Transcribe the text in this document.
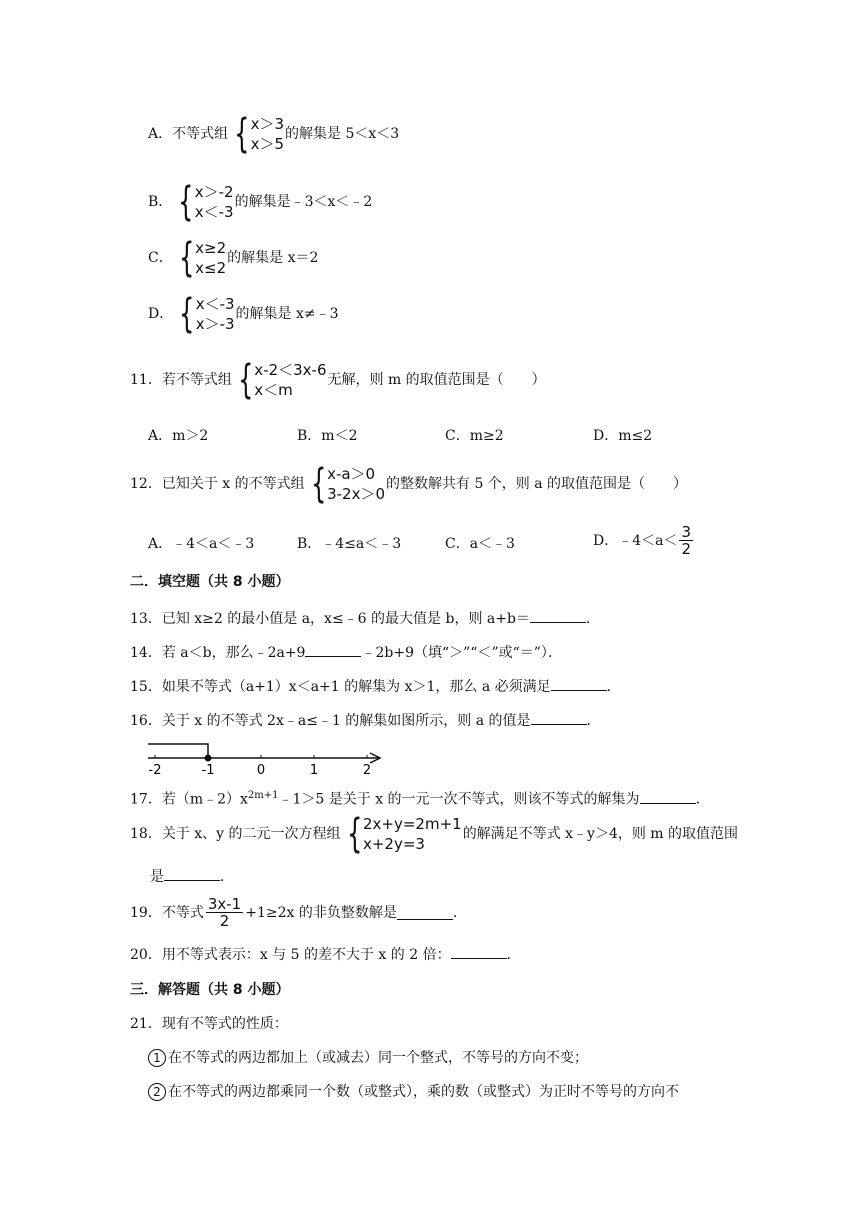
A．不等式组 { x＞3
x＞5
的解集是 5＜x＜3
B． { x＞-2
x＜-3
的解集是﹣3＜x＜﹣2
C． { x≥2
x≤2
的解集是 x＝2
D． { x＜-3
x＞-3
的解集是 x≠﹣3
11．若不等式组 { x-2＜3x-6
x＜m
无解，则 m 的取值范围是（　　）
A．m＞2	B．m＜2	C．m≥2	D．m≤2
12．已知关于 x 的不等式组 { x-a＞0
3-2x＞0
的整数解共有 5 个，则 a 的取值范围是（　　）
A．﹣4＜a＜﹣3	B．﹣4≤a＜﹣3	C．a＜﹣3	D．﹣4＜a＜ $\frac{3}{2}$
二．填空题（共 8 小题）
13．已知 x≥2 的最小值是 a，x≤﹣6 的最大值是 b，则 a+b＝	．
14．若 a＜b，那么﹣2a+9	﹣2b+9（填“＞”“＜”或“＝”）．
15．如果不等式（a+1）x＜a+1 的解集为 x＞1，那么 a 必须满足	．
16．关于 x 的不等式 2x﹣a≤﹣1 的解集如图所示，则 a 的值是	．
-2	-1	0	1	2
17．若$(m﹣2)x^{2m+1}﹣1>5$ 是关于 x 的一元一次不等式，则该不等式的解集为	．
18．关于 x、y 的二元一次方程组 { 2x+y=2m+1
x+2y=3
的解满足不等式 x﹣y＞4，则 m 的取值范围
是	．
19．不等式 $\frac{3x-1}{2} +1\ge 2x$ 的非负整数解是	．
20．用不等式表示：x 与 5 的差不大于 x 的 2 倍：	．
三．解答题（共 8 小题）
21．现有不等式的性质：
1 在不等式的两边都加上（或减去）同一个整式，不等号的方向不变；
2 在不等式的两边都乘同一个数（或整式），乘的数（或整式）为正时不等号的方向不
